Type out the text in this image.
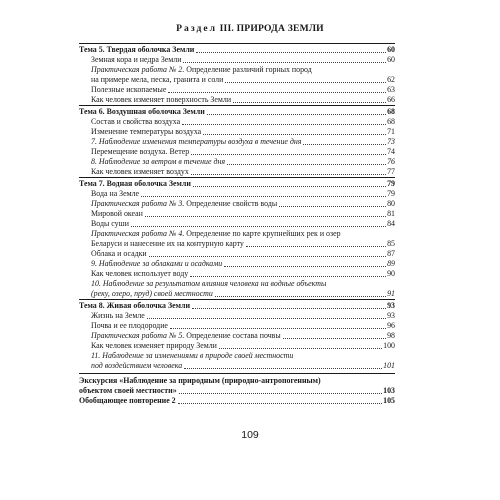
Раздел III. ПРИРОДА ЗЕМЛИ
Тема 5. Твердая оболочка Земли	60
Земная кора и недра Земли	60
Практическая работа № 2. Определение различий горных пород
на примере мела, песка, гранита и соли	62
Полезные ископаемые	63
Как человек изменяет поверхность Земли	66
Тема 6. Воздушная оболочка Земли	68
Состав и свойства воздуха	68
Изменение температуры воздуха	71
7. Наблюдение изменения температуры воздуха в течение дня	73
Перемещение воздуха. Ветер	74
8. Наблюдение за ветром в течение дня	76
Как человек изменяет воздух	77
Тема 7. Водная оболочка Земли	79
Вода на Земле	79
Практическая работа № 3. Определение свойств воды	80
Мировой океан	81
Воды суши	84
Практическая работа № 4. Определение по карте крупнейших рек и озер
Беларуси и нанесение их на контурную карту	85
Облака и осадки	87
9. Наблюдение за облаками и осадками	89
Как человек использует воду	90
10. Наблюдение за результатом влияния человека на водные объекты
(реку, озеро, пруд) своей местности	91
Тема 8. Живая оболочка Земли	93
Жизнь на Земле	93
Почва и ее плодородие	96
Практическая работа № 5. Определение состава почвы	98
Как человек изменяет природу Земли	100
11. Наблюдение за изменениями в природе своей местности
под воздействием человека	101
Экскурсия «Наблюдение за природным (природно-антропогенным)
объектом своей местности»	103
Обобщающее повторение 2	105
109
